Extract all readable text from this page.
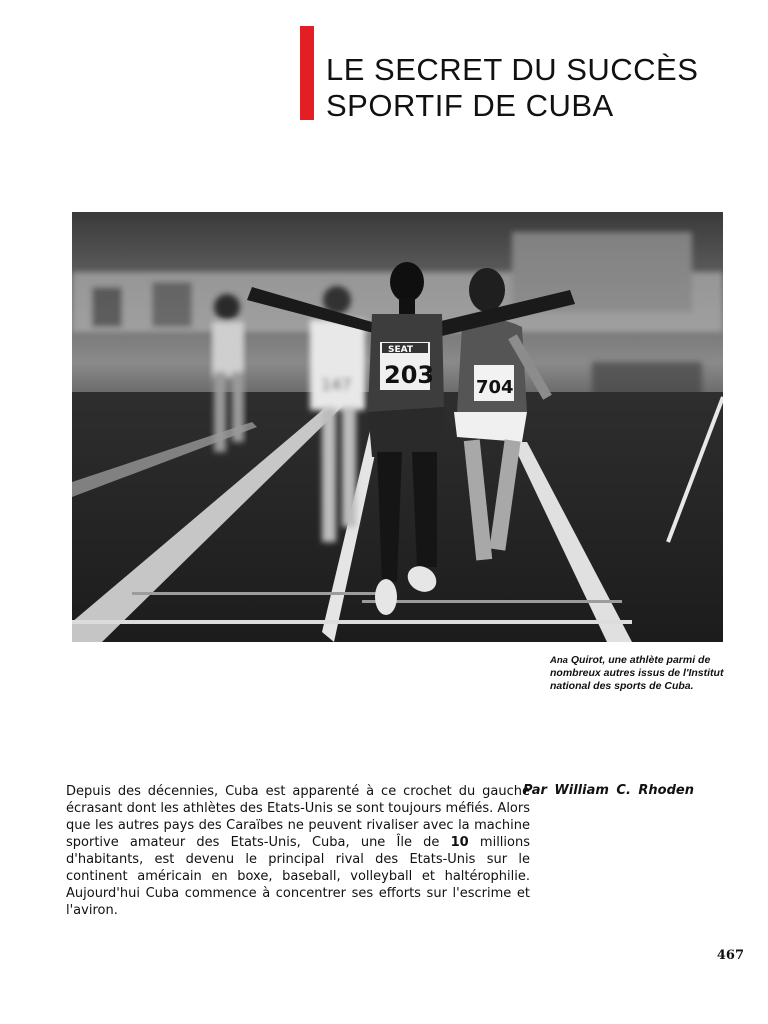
LE SECRET DU SUCCÈS
SPORTIF DE CUBA
147	704
SEAT
203
Ana Quirot, une athlète parmi de nombreux autres issus de l'Institut national des sports de Cuba.
Par William C. Rhoden

Depuis des décennies, Cuba est apparenté à ce crochet du gauche écrasant dont les athlètes des Etats-Unis se sont toujours méfiés. Alors que les autres pays des Caraïbes ne peuvent rivaliser avec la machine sportive amateur des Etats-Unis, Cuba, une Île de 10 millions d'habitants, est devenu le principal rival des Etats-Unis sur le continent américain en boxe, baseball, volleyball et haltérophilie. Aujourd'hui Cuba commence à concentrer ses efforts sur l'escrime et l'aviron.

467
